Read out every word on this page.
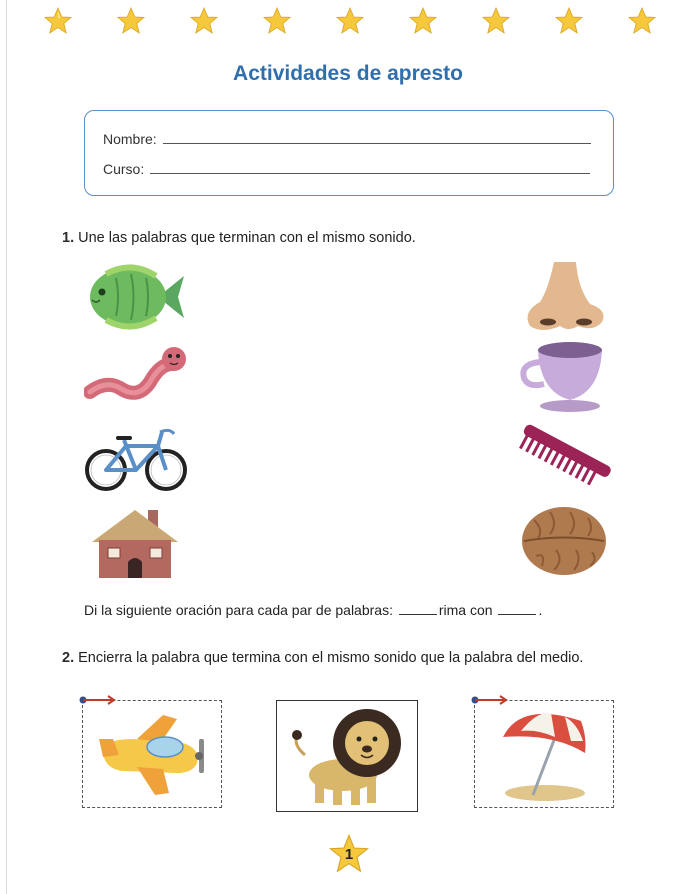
Actividades de apresto
Nombre:
Curso:
1. Une las palabras que terminan con el mismo sonido.
Di la siguiente oración para cada par de palabras:	rima con	.
2. Encierra la palabra que termina con el mismo sonido que la palabra del medio.
1
